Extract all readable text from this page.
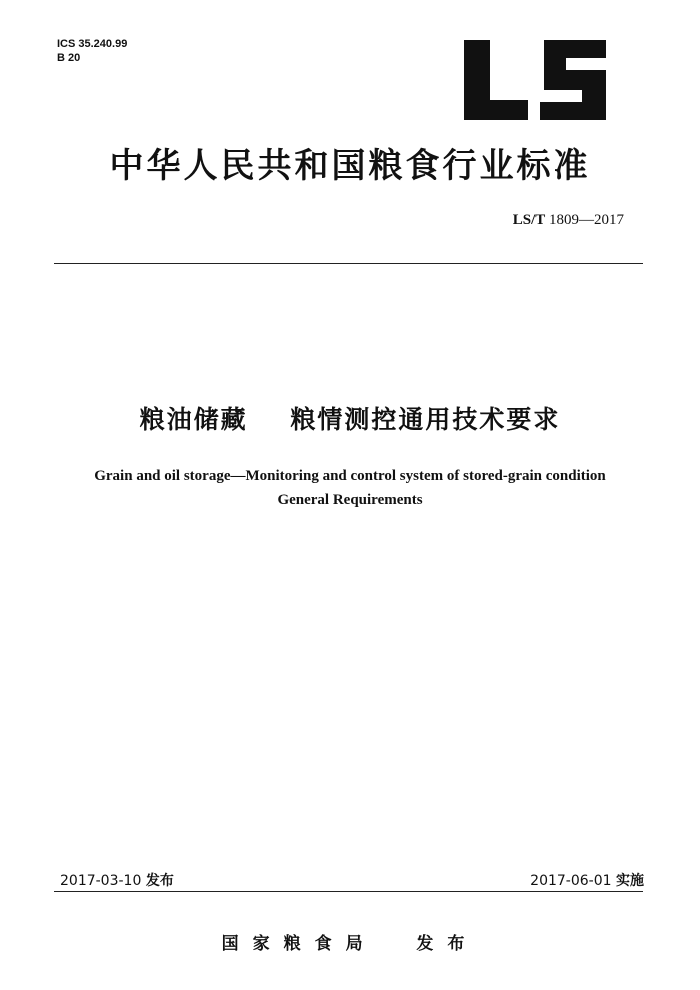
ICS 35.240.99
B 20
中华人民共和国粮食行业标准
LS/T 1809—2017
粮油储藏    粮情测控通用技术要求
Grain and oil storage—Monitoring and control system of stored-grain condition
General Requirements
2017-03-10 发布	2017-06-01 实施
国家粮食局 发布
